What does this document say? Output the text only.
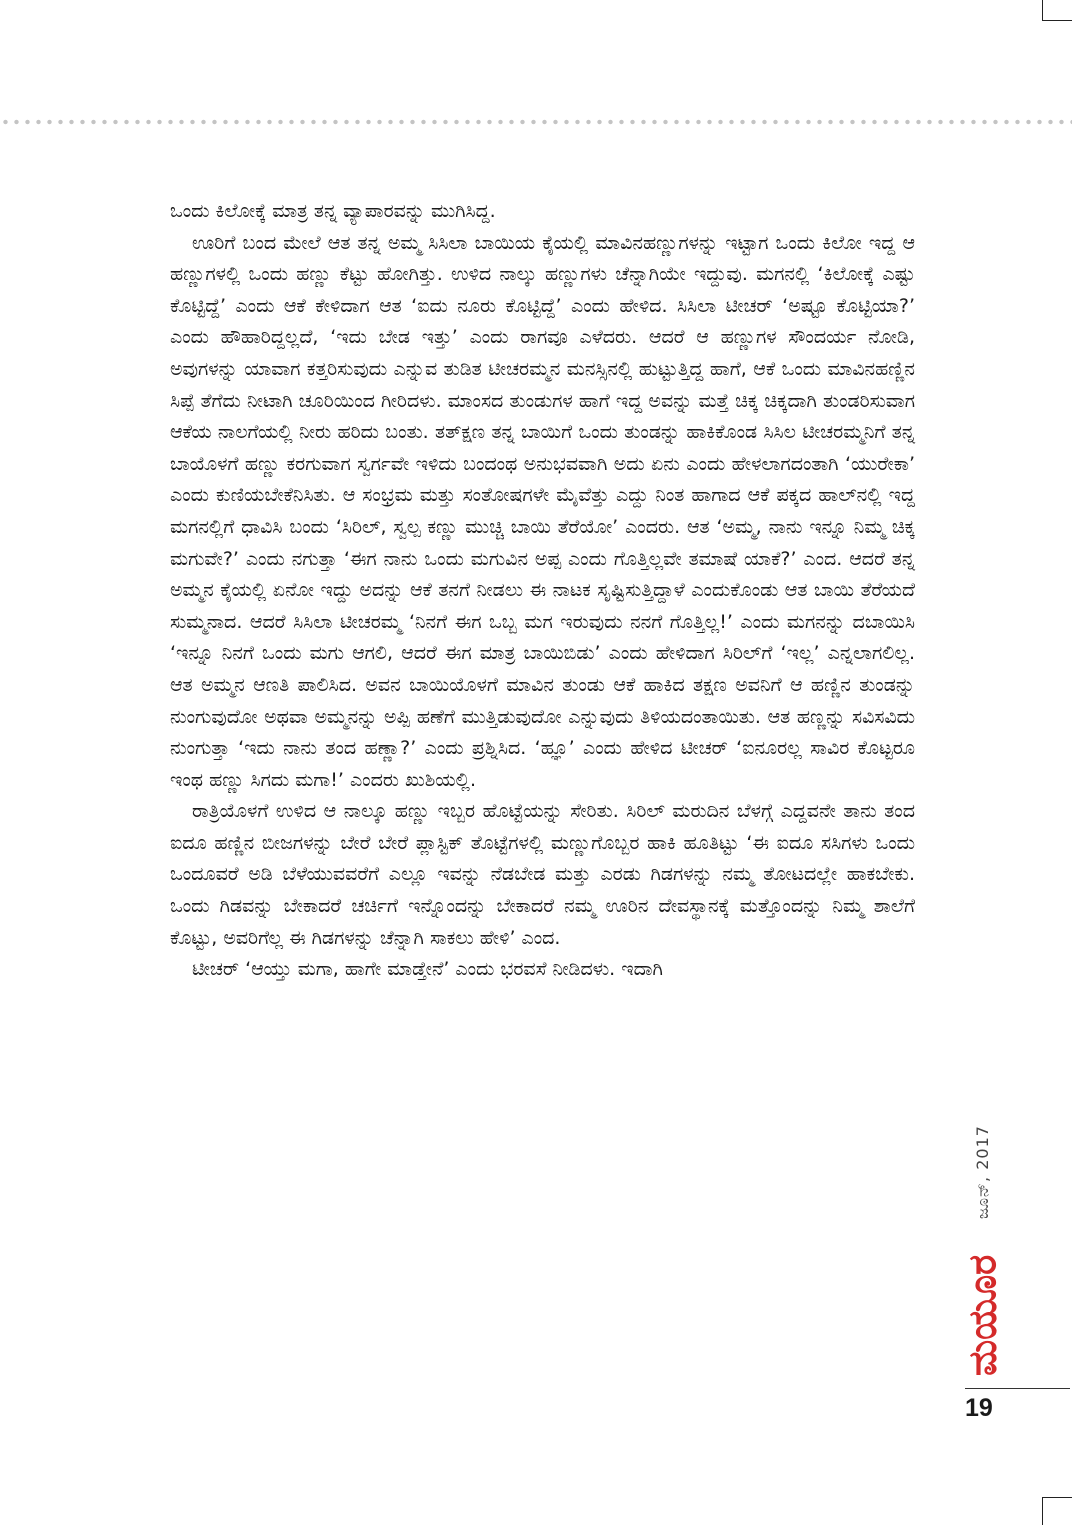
ಒಂದು ಕಿಲೋಕ್ಕೆ ಮಾತ್ರ ತನ್ನ ವ್ಯಾಪಾರವನ್ನು ಮುಗಿಸಿದ್ದ.

ಊರಿಗೆ ಬಂದ ಮೇಲೆ ಆತ ತನ್ನ ಅಮ್ಮ ಸಿಸಿಲಾ ಬಾಯಿಯ ಕೈಯಲ್ಲಿ ಮಾವಿನಹಣ್ಣುಗಳನ್ನು ಇಟ್ಟಾಗ ಒಂದು ಕಿಲೋ ಇದ್ದ ಆ ಹಣ್ಣುಗಳಲ್ಲಿ ಒಂದು ಹಣ್ಣು ಕೆಟ್ಟು ಹೋಗಿತ್ತು. ಉಳಿದ ನಾಲ್ಕು ಹಣ್ಣುಗಳು ಚೆನ್ನಾಗಿಯೇ ಇದ್ದುವು. ಮಗನಲ್ಲಿ ‘ಕಿಲೋಕ್ಕೆ ಎಷ್ಟು ಕೊಟ್ಟಿದ್ದೆ’ ಎಂದು ಆಕೆ ಕೇಳಿದಾಗ ಆತ ‘ಐದು ನೂರು ಕೊಟ್ಟಿದ್ದೆ’ ಎಂದು ಹೇಳಿದ. ಸಿಸಿಲಾ ಟೀಚರ್ ‘ಅಷ್ಟೂ ಕೊಟ್ಟಿಯಾ?’ ಎಂದು ಹೌಹಾರಿದ್ದಲ್ಲದೆ, ‘ಇದು ಬೇಡ ಇತ್ತು’ ಎಂದು ರಾಗವೂ ಎಳೆದರು. ಆದರೆ ಆ ಹಣ್ಣುಗಳ ಸೌಂದರ್ಯ ನೋಡಿ, ಅವುಗಳನ್ನು ಯಾವಾಗ ಕತ್ತರಿಸುವುದು ಎನ್ನುವ ತುಡಿತ ಟೀಚರಮ್ಮನ ಮನಸ್ಸಿನಲ್ಲಿ ಹುಟ್ಟುತ್ತಿದ್ದ ಹಾಗೆ, ಆಕೆ ಒಂದು ಮಾವಿನಹಣ್ಣಿನ ಸಿಪ್ಪೆ ತೆಗೆದು ನೀಟಾಗಿ ಚೂರಿಯಿಂದ ಗೀರಿದಳು. ಮಾಂಸದ ತುಂಡುಗಳ ಹಾಗೆ ಇದ್ದ ಅವನ್ನು ಮತ್ತೆ ಚಿಕ್ಕ ಚಿಕ್ಕದಾಗಿ ತುಂಡರಿಸುವಾಗ ಆಕೆಯ ನಾಲಗೆಯಲ್ಲಿ ನೀರು ಹರಿದು ಬಂತು. ತತ್‌ಕ್ಷಣ ತನ್ನ ಬಾಯಿಗೆ ಒಂದು ತುಂಡನ್ನು ಹಾಕಿಕೊಂಡ ಸಿಸಿಲ ಟೀಚರಮ್ಮನಿಗೆ ತನ್ನ ಬಾಯೊಳಗೆ ಹಣ್ಣು ಕರಗುವಾಗ ಸ್ವರ್ಗವೇ ಇಳಿದು ಬಂದಂಥ ಅನುಭವವಾಗಿ ಅದು ಏನು ಎಂದು ಹೇಳಲಾಗದಂತಾಗಿ ‘ಯುರೇಕಾ’ ಎಂದು ಕುಣಿಯಬೇಕೆನಿಸಿತು. ಆ ಸಂಭ್ರಮ ಮತ್ತು ಸಂತೋಷಗಳೇ ಮೈವೆತ್ತು ಎದ್ದು ನಿಂತ ಹಾಗಾದ ಆಕೆ ಪಕ್ಕದ ಹಾಲ್‌ನಲ್ಲಿ ಇದ್ದ ಮಗನಲ್ಲಿಗೆ ಧಾವಿಸಿ ಬಂದು ‘ಸಿರಿಲ್, ಸ್ವಲ್ಪ ಕಣ್ಣು ಮುಚ್ಚಿ ಬಾಯಿ ತೆರೆಯೋ’ ಎಂದರು. ಆತ ‘ಅಮ್ಮ, ನಾನು ಇನ್ನೂ ನಿಮ್ಮ ಚಿಕ್ಕ ಮಗುವೇ?’ ಎಂದು ನಗುತ್ತಾ ‘ಈಗ ನಾನು ಒಂದು ಮಗುವಿನ ಅಪ್ಪ ಎಂದು ಗೊತ್ತಿಲ್ಲವೇ ತಮಾಷೆ ಯಾಕೆ?’ ಎಂದ. ಆದರೆ ತನ್ನ ಅಮ್ಮನ ಕೈಯಲ್ಲಿ ಏನೋ ಇದ್ದು ಅದನ್ನು ಆಕೆ ತನಗೆ ನೀಡಲು ಈ ನಾಟಕ ಸೃಷ್ಟಿಸುತ್ತಿದ್ದಾಳೆ ಎಂದುಕೊಂಡು ಆತ ಬಾಯಿ ತೆರೆಯದೆ ಸುಮ್ಮನಾದ. ಆದರೆ ಸಿಸಿಲಾ ಟೀಚರಮ್ಮ ‘ನಿನಗೆ ಈಗ ಒಬ್ಬ ಮಗ ಇರುವುದು ನನಗೆ ಗೊತ್ತಿಲ್ಲ!’ ಎಂದು ಮಗನನ್ನು ದಬಾಯಿಸಿ ‘ಇನ್ನೂ ನಿನಗೆ ಒಂದು ಮಗು ಆಗಲಿ, ಆದರೆ ಈಗ ಮಾತ್ರ ಬಾಯಿಬಿಡು’ ಎಂದು ಹೇಳಿದಾಗ ಸಿರಿಲ್‌ಗೆ ‘ಇಲ್ಲ’ ಎನ್ನಲಾಗಲಿಲ್ಲ. ಆತ ಅಮ್ಮನ ಆಣತಿ ಪಾಲಿಸಿದ. ಅವನ ಬಾಯಿಯೊಳಗೆ ಮಾವಿನ ತುಂಡು ಆಕೆ ಹಾಕಿದ ತಕ್ಷಣ ಅವನಿಗೆ ಆ ಹಣ್ಣಿನ ತುಂಡನ್ನು ನುಂಗುವುದೋ ಅಥವಾ ಅಮ್ಮನನ್ನು ಅಪ್ಪಿ ಹಣೆಗೆ ಮುತ್ತಿಡುವುದೋ ಎನ್ನುವುದು ತಿಳಿಯದಂತಾಯಿತು. ಆತ ಹಣ್ಣನ್ನು ಸವಿಸವಿದು ನುಂಗುತ್ತಾ ‘ಇದು ನಾನು ತಂದ ಹಣ್ಣಾ?’ ಎಂದು ಪ್ರಶ್ನಿಸಿದ. ‘ಹ್ಞೂ’ ಎಂದು ಹೇಳಿದ ಟೀಚರ್ ‘ಐನೂರಲ್ಲ ಸಾವಿರ ಕೊಟ್ಟರೂ ಇಂಥ ಹಣ್ಣು ಸಿಗದು ಮಗಾ!’ ಎಂದರು ಖುಶಿಯಲ್ಲಿ.

ರಾತ್ರಿಯೊಳಗೆ ಉಳಿದ ಆ ನಾಲ್ಕೂ ಹಣ್ಣು ಇಬ್ಬರ ಹೊಟ್ಟೆಯನ್ನು ಸೇರಿತು. ಸಿರಿಲ್ ಮರುದಿನ ಬೆಳಗ್ಗೆ ಎದ್ದವನೇ ತಾನು ತಂದ ಐದೂ ಹಣ್ಣಿನ ಬೀಜಗಳನ್ನು ಬೇರೆ ಬೇರೆ ಪ್ಲಾಸ್ಟಿಕ್ ತೊಟ್ಟೆಗಳಲ್ಲಿ ಮಣ್ಣುಗೊಬ್ಬರ ಹಾಕಿ ಹೂತಿಟ್ಟು ‘ಈ ಐದೂ ಸಸಿಗಳು ಒಂದು ಒಂದೂವರೆ ಅಡಿ ಬೆಳೆಯುವವರೆಗೆ ಎಲ್ಲೂ ಇವನ್ನು ನೆಡಬೇಡ ಮತ್ತು ಎರಡು ಗಿಡಗಳನ್ನು ನಮ್ಮ ತೋಟದಲ್ಲೇ ಹಾಕಬೇಕು. ಒಂದು ಗಿಡವನ್ನು ಬೇಕಾದರೆ ಚರ್ಚಿಗೆ ಇನ್ನೊಂದನ್ನು ಬೇಕಾದರೆ ನಮ್ಮ ಊರಿನ ದೇವಸ್ಥಾನಕ್ಕೆ ಮತ್ತೊಂದನ್ನು ನಿಮ್ಮ ಶಾಲೆಗೆ ಕೊಟ್ಟು, ಅವರಿಗೆಲ್ಲ ಈ ಗಿಡಗಳನ್ನು ಚೆನ್ನಾಗಿ ಸಾಕಲು ಹೇಳಿ’ ಎಂದ.

ಟೀಚರ್ ‘ಆಯ್ತು ಮಗಾ, ಹಾಗೇ ಮಾಡ್ತೇನೆ’ ಎಂದು ಭರವಸೆ ನೀಡಿದಳು. ಇದಾಗಿ

ಜೂನ್, 2017
ಮಯೂರ
19
